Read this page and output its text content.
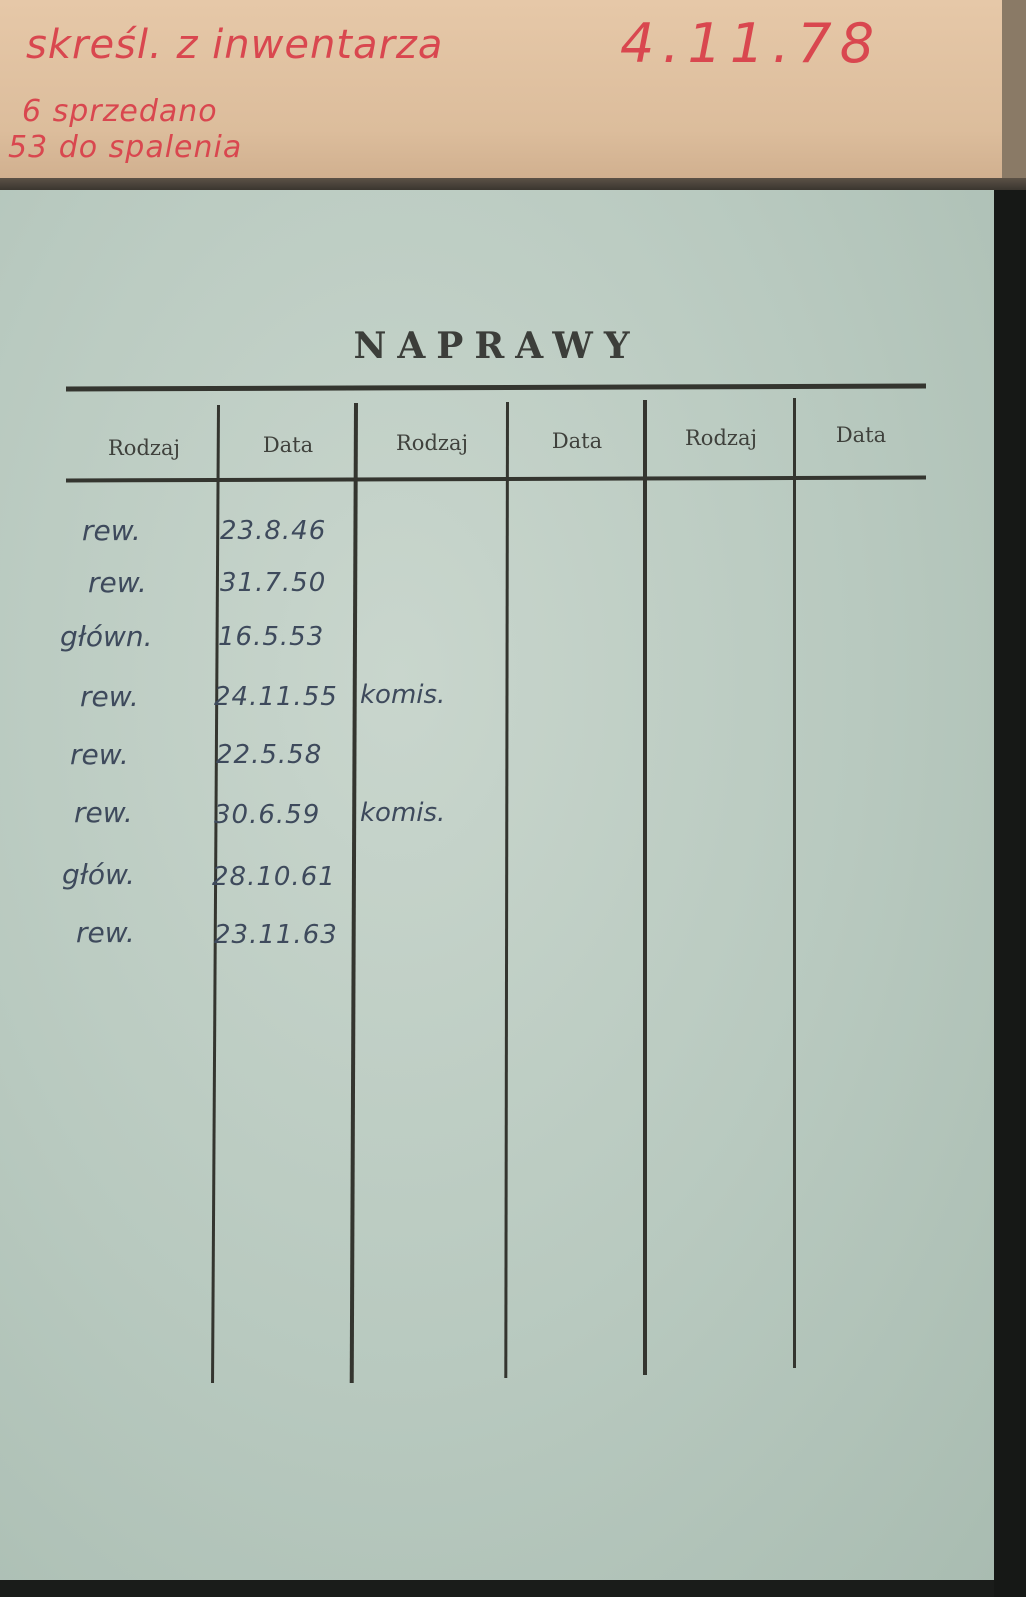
skreśl. z inwentarza	4.11.78
6 sprzedano
53 do spalenia
NAPRAWY
Rodzaj	Data	Rodzaj	Data	Rodzaj	Data
rew.	23.8.46
rew.	31.7.50
główn.	16.5.53
rew.	24.11.55 komis.
rew.	22.5.58
rew.	30.6.59 komis.
głów.	28.10.61
rew.	23.11.63
